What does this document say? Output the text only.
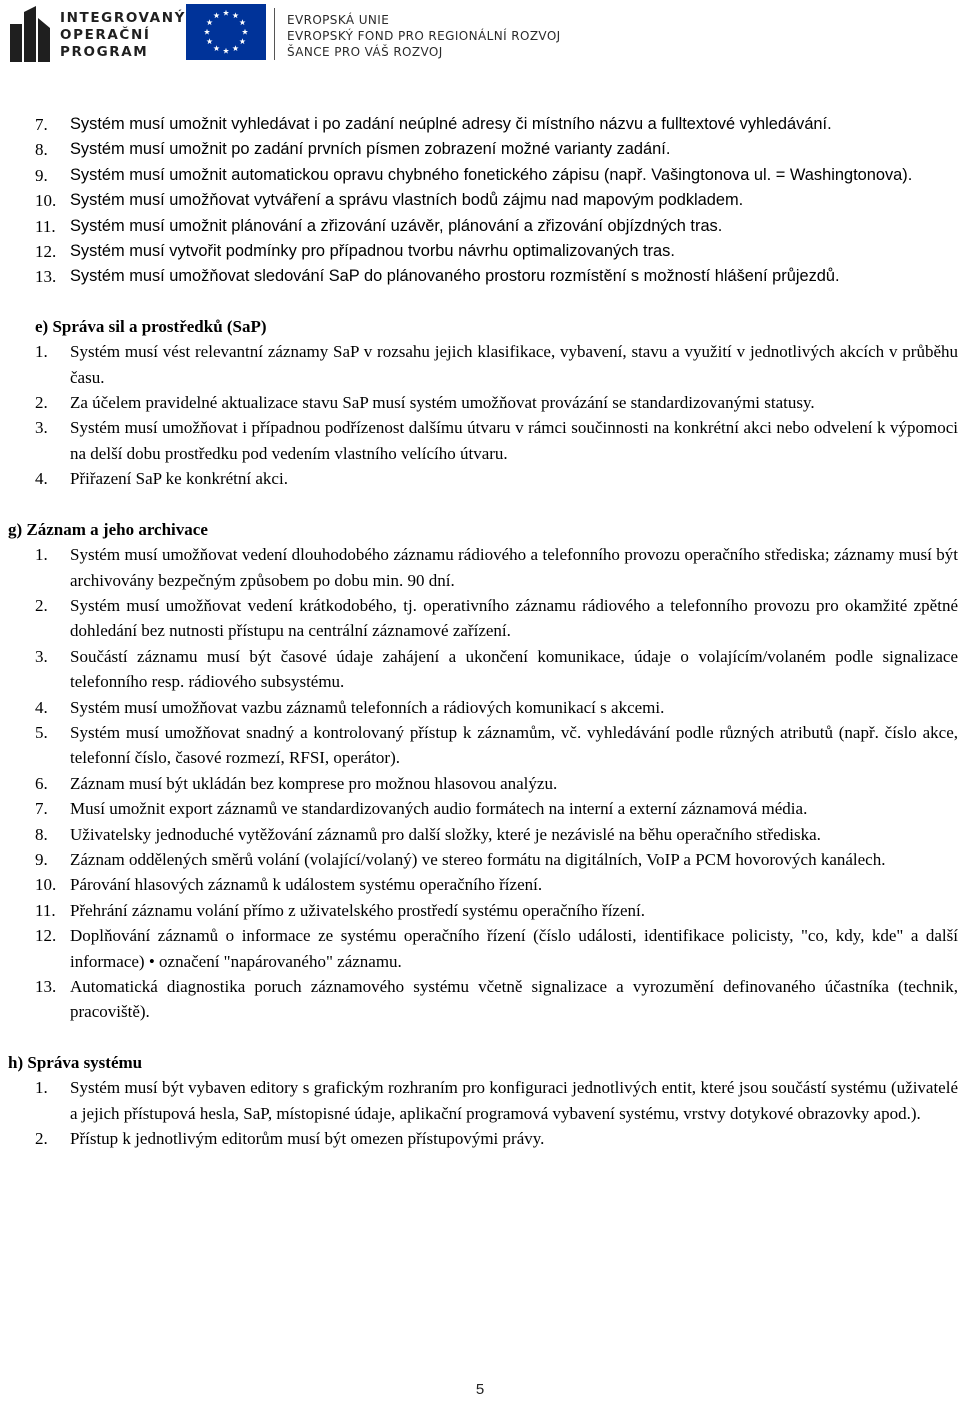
INTEGROVANÝ
OPERAČNÍ
PROGRAM
EVROPSKÁ UNIE
EVROPSKÝ FOND PRO REGIONÁLNÍ ROZVOJ
ŠANCE PRO VÁŠ ROZVOJ
7.	Systém musí umožnit vyhledávat i po zadání neúplné adresy či místního názvu a fulltextové vyhledávání.
8.	Systém musí umožnit po zadání prvních písmen zobrazení možné varianty zadání.
9.	Systém musí umožnit automatickou opravu chybného fonetického zápisu (např. Vašingtonova ul. = Washingtonova).
10. Systém musí umožňovat vytváření a správu vlastních bodů zájmu nad mapovým podkladem.
11. Systém musí umožnit plánování a zřizování uzávěr, plánování a zřizování objízdných tras.
12. Systém musí vytvořit podmínky pro případnou tvorbu návrhu optimalizovaných tras.
13. Systém musí umožňovat sledování SaP do plánovaného prostoru rozmístění s možností hlášení průjezdů.
e) Správa sil a prostředků (SaP)
1.	Systém musí vést relevantní záznamy SaP v rozsahu jejich klasifikace, vybavení, stavu a využití v jednotlivých akcích v průběhu času.
2.	Za účelem pravidelné aktualizace stavu SaP musí systém umožňovat provázání se standardizovanými statusy.
3.	Systém musí umožňovat i případnou podřízenost dalšímu útvaru v rámci součinnosti na konkrétní akci nebo odvelení k výpomoci na delší dobu prostředku pod vedením vlastního velícího útvaru.
4.	Přiřazení SaP ke konkrétní akci.
g) Záznam a jeho archivace
1.	Systém musí umožňovat vedení dlouhodobého záznamu rádiového a telefonního provozu operačního střediska; záznamy musí být archivovány bezpečným způsobem po dobu min. 90 dní.
2.	Systém musí umožňovat vedení krátkodobého, tj. operativního záznamu rádiového a telefonního provozu pro okamžité zpětné dohledání bez nutnosti přístupu na centrální záznamové zařízení.
3.	Součástí záznamu musí být časové údaje zahájení a ukončení komunikace, údaje o volajícím/volaném podle signalizace telefonního resp. rádiového subsystému.
4.	Systém musí umožňovat vazbu záznamů telefonních a rádiových komunikací s akcemi.
5.	Systém musí umožňovat snadný a kontrolovaný přístup k záznamům, vč. vyhledávání podle různých atributů (např. číslo akce, telefonní číslo, časové rozmezí, RFSI, operátor).
6.	Záznam musí být ukládán bez komprese pro možnou hlasovou analýzu.
7.	Musí umožnit export záznamů ve standardizovaných audio formátech na interní a externí záznamová média.
8.	Uživatelsky jednoduché vytěžování záznamů pro další složky, které je nezávislé na běhu operačního střediska.
9.	Záznam oddělených směrů volání (volající/volaný) ve stereo formátu na digitálních, VoIP a PCM hovorových kanálech.
10. Párování hlasových záznamů k událostem systému operačního řízení.
11. Přehrání záznamu volání přímo z uživatelského prostředí systému operačního řízení.
12. Doplňování záznamů o informace ze systému operačního řízení (číslo události, identifikace policisty, "co, kdy, kde" a další informace) • označení "napárovaného" záznamu.
13. Automatická diagnostika poruch záznamového systému včetně signalizace a vyrozumění definovaného účastníka (technik, pracoviště).
h) Správa systému
1.	Systém musí být vybaven editory s grafickým rozhraním pro konfiguraci jednotlivých entit, které jsou součástí systému (uživatelé a jejich přístupová hesla, SaP, místopisné údaje, aplikační programová vybavení systému, vrstvy dotykové obrazovky apod.).
2.	Přístup k jednotlivým editorům musí být omezen přístupovými právy.
5
